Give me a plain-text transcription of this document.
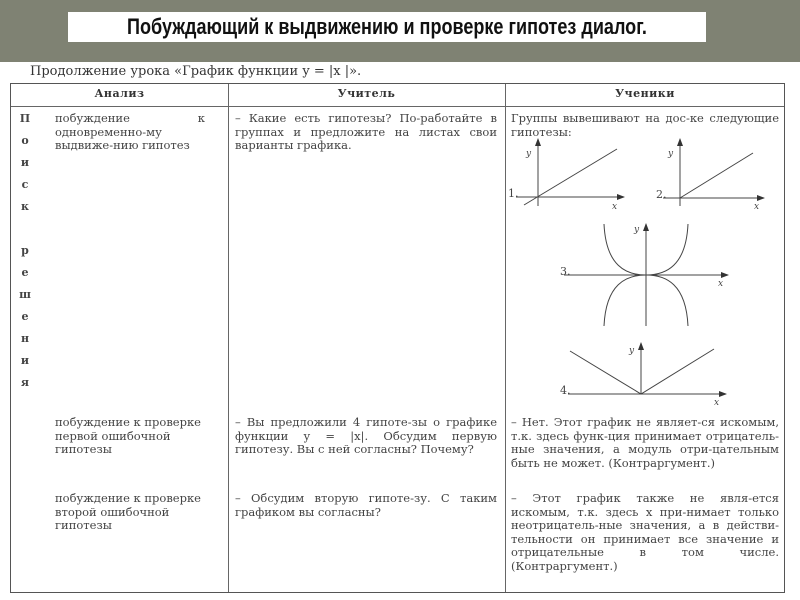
Побуждающий к выдвижению и проверке гипотез диалог.
Продолжение урока «График функции y = |x |».
Анализ	Учитель	Ученики
П
о
и
с
к
р
е
ш
е
н
и
я
побуждение к одновременно-му выдвиже-нию гипотез
– Какие есть гипотезы? По-работайте в группах и предложите на листах свои варианты графика.
Группы вывешивают на дос-ке следующие гипотезы:
побуждение к проверке первой ошибочной гипотезы
– Вы предложили 4 гипоте-зы о графике функции y = |x|. Обсудим первую гипотезу. Вы с ней согласны? Почему?
– Нет. Этот график не являет-ся искомым, т.к. здесь функ-ция принимает отрицатель-ные значения, а модуль отри-цательным быть не может. (Контраргумент.)
побуждение к проверке второй ошибочной гипотезы
– Обсудим вторую гипоте-зу. С таким графиком вы согласны?
– Этот график также не явля-ется искомым, т.к. здесь x при-нимает только неотрицатель-ные значения, а в действи-тельности он принимает все значение и отрицательные в том числе. (Контраргумент.)
y
x
1.
y
x
2.
y
x
3.
y
x
4.
